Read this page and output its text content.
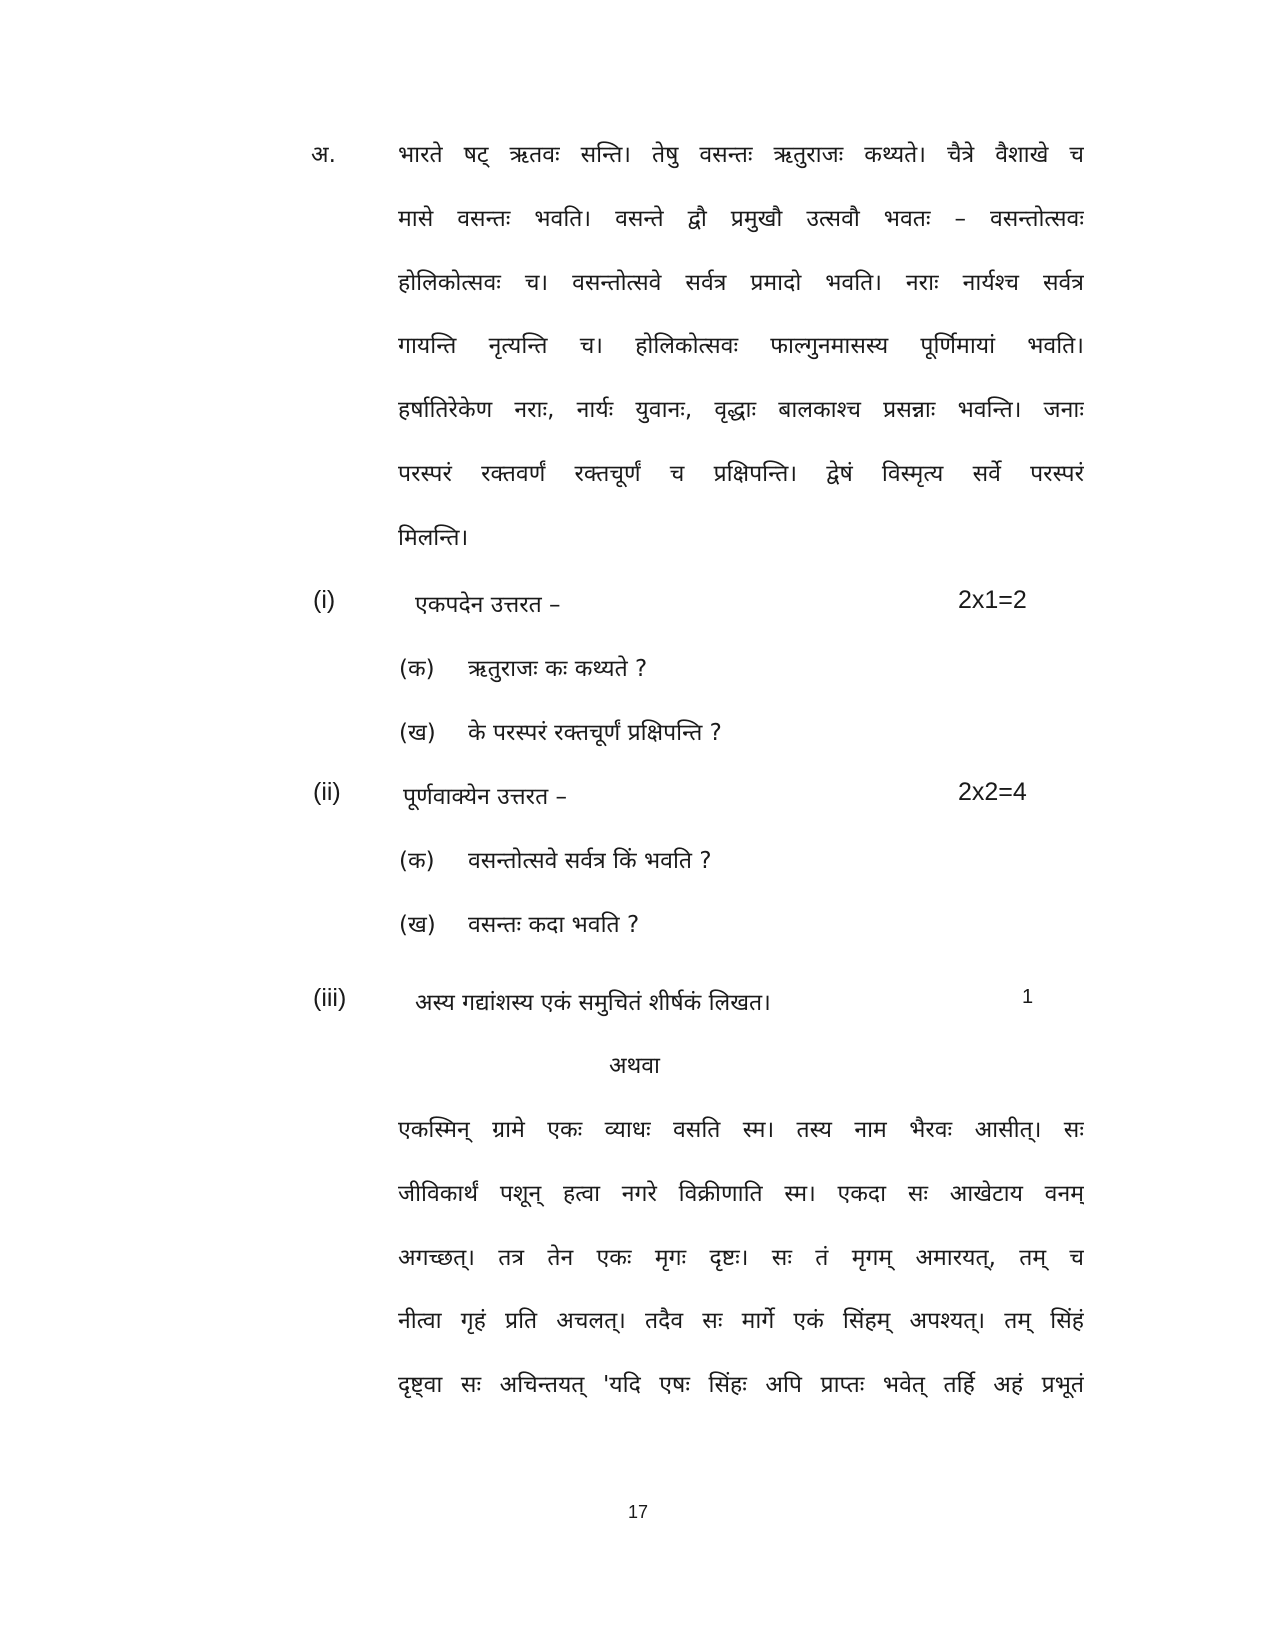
अ.	भारते षट् ऋतवः सन्ति। तेषु वसन्तः ऋतुराजः कथ्यते। चैत्रे वैशाखे च
मासे वसन्तः भवति। वसन्ते द्वौ प्रमुखौ उत्सवौ भवतः – वसन्तोत्सवः
होलिकोत्सवः च। वसन्तोत्सवे सर्वत्र प्रमादो भवति। नराः नार्यश्च सर्वत्र
गायन्ति नृत्यन्ति च। होलिकोत्सवः फाल्गुनमासस्य पूर्णिमायां भवति।
हर्षातिरेकेण नराः, नार्यः युवानः, वृद्धाः बालकाश्च प्रसन्नाः भवन्ति। जनाः
परस्परं रक्तवर्णं रक्तचूर्णं च प्रक्षिपन्ति। द्वेषं विस्मृत्य सर्वे परस्परं
मिलन्ति।
(i)	एकपदेन उत्तरत –	2x1=2
(क) ऋतुराजः कः कथ्यते ?
(ख) के परस्परं रक्तचूर्णं प्रक्षिपन्ति ?
(ii)	पूर्णवाक्येन उत्तरत –	2x2=4
(क) वसन्तोत्सवे सर्वत्र किं भवति ?
(ख) वसन्तः कदा भवति ?
(iii)	अस्य गद्यांशस्य एकं समुचितं शीर्षकं लिखत।	1
अथवा
एकस्मिन् ग्रामे एकः व्याधः वसति स्म। तस्य नाम भैरवः आसीत्। सः
जीविकार्थं पशून् हत्वा नगरे विक्रीणाति स्म। एकदा सः आखेटाय वनम्
अगच्छत्। तत्र तेन एकः मृगः दृष्टः। सः तं मृगम् अमारयत्, तम् च
नीत्वा गृहं प्रति अचलत्। तदैव सः मार्गे एकं सिंहम् अपश्यत्। तम् सिंहं
दृष्ट्वा सः अचिन्तयत् 'यदि एषः सिंहः अपि प्राप्तः भवेत् तर्हि अहं प्रभूतं
17
